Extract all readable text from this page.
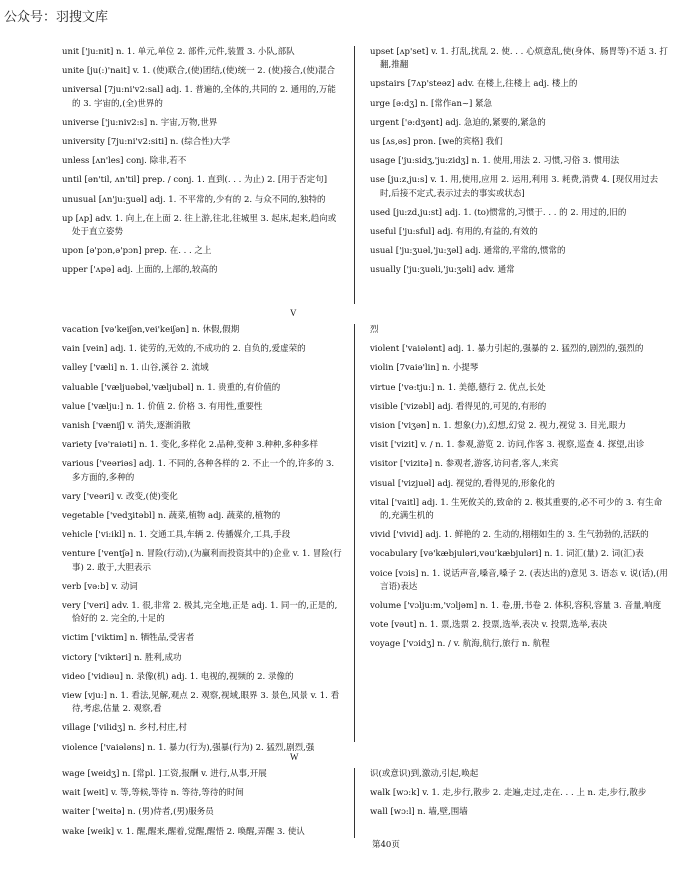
公众号：羽搜文库
unit ['ju:nit] n. 1. 单元,单位 2. 部件,元件,装置 3. 小队,部队
unite [ju(:)'nait] v. 1. (使)联合,(使)团结,(使)统一 2. (使)接合,(使)混合
universal [7ju:ni'v2:sal] adj. 1. 普遍的,全体的,共同的 2. 通用的,万能的 3. 宇宙的,(全)世界的
universe ['ju:niv2:s] n. 宇宙,万物,世界
university [7ju:ni'v2:siti] n. (综合性)大学
unless [ʌn'les] conj. 除非,若不
until [ən'til, ʌn'til] prep. / conj. 1. 直到(. . . 为止) 2. [用于否定句]
unusual [ʌn'ju:ʒuəl] adj. 1. 不平常的,少有的 2. 与众不同的,独特的
up [ʌp] adv. 1. 向上,在上面 2. 往上游,往北,往城里 3. 起床,起来,趋向或处于直立姿势
upon [ə'pɔn,ə'pɔn] prep. 在. . . 之上
upper ['ʌpə] adj. 上面的,上部的,较高的
upset [ʌp'set] v. 1. 打乱,扰乱 2. 使. . . 心烦意乱,使(身体、肠胃等)不适 3. 打翻,推翻
upstairs [7ʌp'steəz] adv. 在楼上,往楼上 adj. 楼上的
urge [ə:dʒ] n. [常作an~] 紧急
urgent ['ə:dʒənt] adj. 急迫的,紧要的,紧急的
us [ʌs,əs] pron. [we的宾格] 我们
usage ['ju:sidʒ,'ju:zidʒ] n. 1. 使用,用法 2. 习惯,习俗 3. 惯用法
use [ju:z,ju:s] v. 1. 用,使用,应用 2. 运用,利用 3. 耗费,消费 4. [现仅用过去时,后接不定式,表示过去的事实或状态]
used [ju:zd,ju:st] adj. 1. (to)惯常的,习惯于. . . 的 2. 用过的,旧的
useful ['ju:sful] adj. 有用的,有益的,有效的
usual ['ju:ʒuəl,'ju:ʒəl] adj. 通常的,平常的,惯常的
usually ['ju:ʒuəli,'ju:ʒəli] adv. 通常
V
vacation [və'keiʃən,vei'keiʃən] n. 休假,假期
vain [vein] adj. 1. 徒劳的,无效的,不成功的 2. 自负的,爱虚荣的
valley ['væli] n. 1. 山谷,溪谷 2. 流域
valuable ['væljuəbəl,'væljubəl] n. 1. 贵重的,有价值的
value ['vælju:] n. 1. 价值 2. 价格 3. 有用性,重要性
vanish ['væniʃ] v. 消失,逐渐消散
variety [və'raiəti] n. 1. 变化,多样化 2.品种,变种 3.种种,多种多样
various ['veəriəs] adj. 1. 不同的,各种各样的 2. 不止一个的,许多的 3. 多方面的,多种的
vary ['veəri] v. 改变,(使)变化
vegetable ['vedʒitəbl] n. 蔬菜,植物 adj. 蔬菜的,植物的
vehicle ['vi:ikl] n. 1. 交通工具,车辆 2. 传播媒介,工具,手段
venture ['ventʃə] n. 冒险(行动),(为赢利而投资其中的)企业 v. 1. 冒险(行事) 2. 敢于,大胆表示
verb [və:b] v. 动词
very ['veri] adv. 1. 很,非常 2. 极其,完全地,正是 adj. 1. 同一的,正是的,恰好的 2. 完全的,十足的
victim ['viktim] n. 牺牲品,受害者
victory ['viktəri] n. 胜利,成功
video ['vidiəu] n. 录像(机) adj. 1. 电视的,视频的 2. 录像的
view [vju:] n. 1. 看法,见解,观点 2. 观察,视域,眼界 3. 景色,风景 v. 1. 看待,考虑,估量 2. 观察,看
village ['vilidʒ] n. 乡村,村庄,村
violence ['vaiələns] n. 1. 暴力(行为),强暴(行为) 2. 猛烈,剧烈,强
烈
violent ['vaiələnt] adj. 1. 暴力引起的,强暴的 2. 猛烈的,剧烈的,强烈的
violin [7vaiə'lin] n. 小提琴
virtue ['və:tju:] n. 1. 美德,德行 2. 优点,长处
visible ['vizəbl] adj. 看得见的,可见的,有形的
vision ['viʒən] n. 1. 想象(力),幻想,幻觉 2. 视力,视觉 3. 目光,眼力
visit ['vizit] v. / n. 1. 参观,游览 2. 访问,作客 3. 视察,巡查 4. 探望,出诊
visitor ['vizitə] n. 参观者,游客,访问者,客人,来宾
visual ['vizjuəl] adj. 视觉的,看得见的,形象化的
vital ['vaitl] adj. 1. 生死攸关的,致命的 2. 极其重要的,必不可少的 3. 有生命的,充满生机的
vivid ['vivid] adj. 1. 鲜艳的 2. 生动的,栩栩如生的 3. 生气勃勃的,活跃的
vocabulary [və'kæbjuləri,vəu'kæbjuləri] n. 1. 词汇(量) 2. 词(汇)表
voice [vɔis] n. 1. 说话声音,嗓音,嗓子 2. (表达出的)意见 3. 语态 v. 说(话),(用言语)表达
volume ['vɔlju:m,'vɔljəm] n. 1. 卷,册,书卷 2. 体积,容积,容量 3. 音量,响度
vote [vəut] n. 1. 票,选票 2. 投票,选举,表决 v. 投票,选举,表决
voyage ['vɔidʒ] n. / v. 航海,航行,旅行 n. 航程
W
wage [weidʒ] n. [常pl. ]工资,报酬 v. 进行,从事,开展
wait [weit] v. 等,等候,等待 n. 等待,等待的时间
waiter ['weitə] n. (男)侍者,(男)服务员
wake [weik] v. 1. 醒,醒来,醒着,觉醒,醒悟 2. 唤醒,弄醒 3. 使认
识(或意识)到,激动,引起,唤起
walk [wɔ:k] v. 1. 走,步行,散步 2. 走遍,走过,走在. . . 上 n. 走,步行,散步
wall [wɔ:l] n. 墙,壁,围墙
第40页
